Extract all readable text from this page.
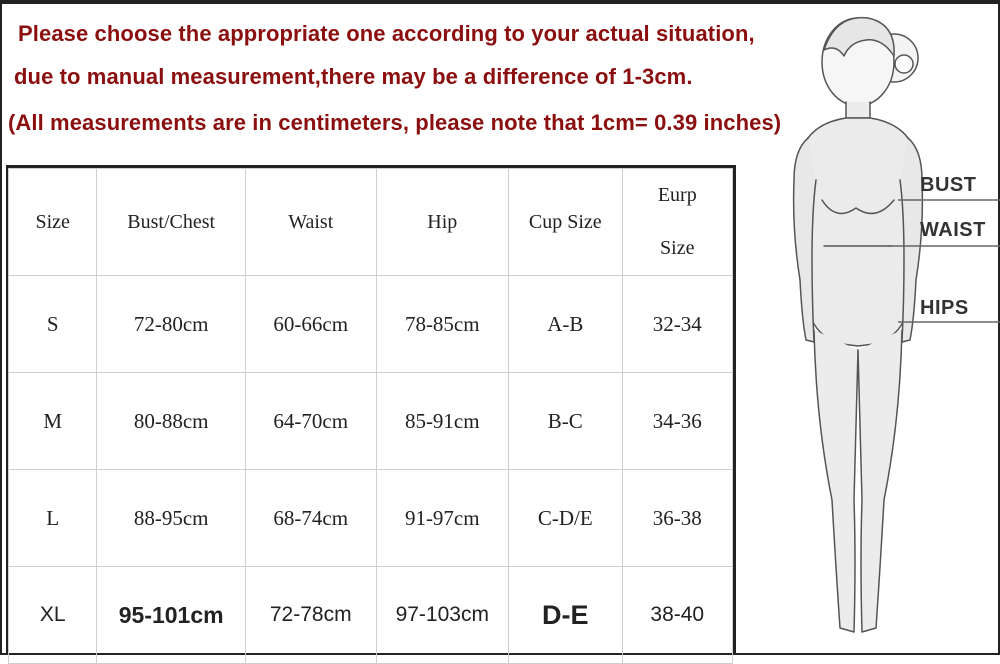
Please choose the appropriate one according to your actual situation,

due to manual measurement,there may be a difference of 1-3cm.

(All measurements are in centimeters, please note that 1cm= 0.39 inches)

Size	Bust/Chest	Waist	Hip	Cup Size	Eurp
Size

S	72-80cm	60-66cm	78-85cm	A-B	32-34
M	80-88cm	64-70cm	85-91cm	B-C	34-36
L	88-95cm	68-74cm	91-97cm	C-D/E	36-38
XL	95-101cm	72-78cm	97-103cm	D-E	38-40
BUST
WAIST
HIPS
